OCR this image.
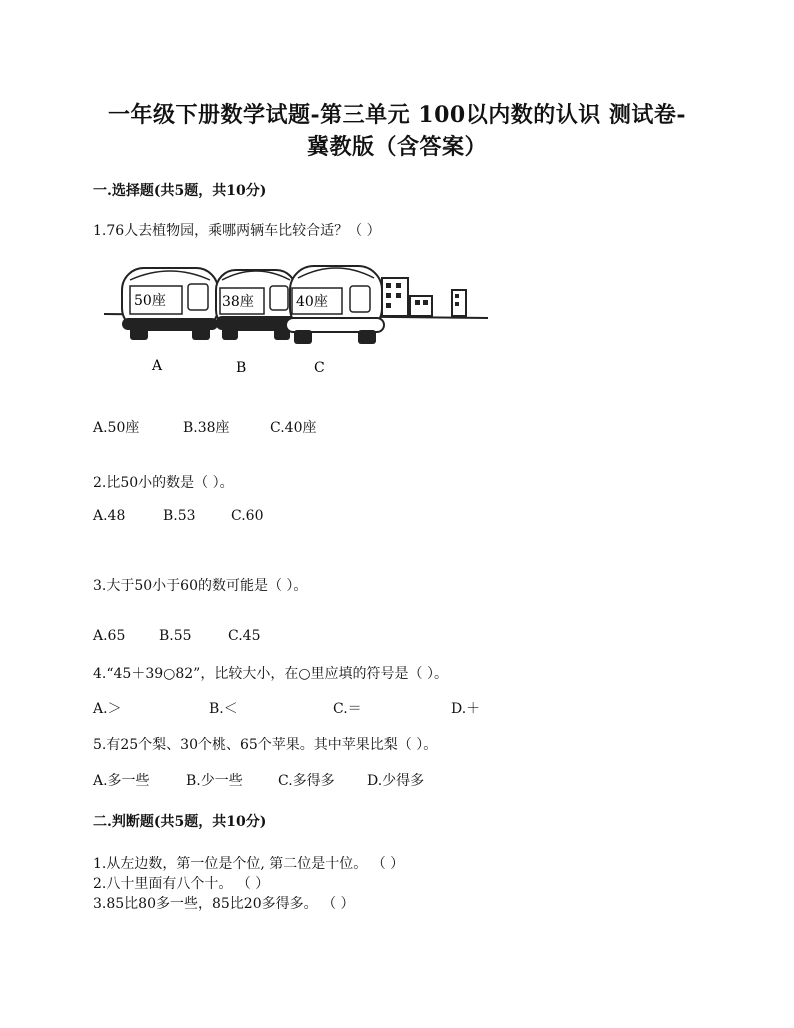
一年级下册数学试题-第三单元 100以内数的认识 测试卷-
冀教版（含答案）
一.选择题(共5题，共10分)
1.76人去植物园，乘哪两辆车比较合适？（ ）
50座	38座	40座
A	B	C
A.50座	B.38座	C.40座
2.比50小的数是（ ）。
A.48	B.53	C.60
3.大于50小于60的数可能是（ ）。
A.65 B.55	C.45
4.“45＋39○82”，比较大小，在○里应填的符号是（ ）。
A.＞	B.＜	C.＝	D.＋
5.有25个梨、30个桃、65个苹果。其中苹果比梨（ ）。
A.多一些	B.少一些	C.多得多 D.少得多
二.判断题(共5题，共10分)
1.从左边数，第一位是个位, 第二位是十位。 （ ）
2.八十里面有八个十。 （ ）
3.85比80多一些，85比20多得多。 （ ）
